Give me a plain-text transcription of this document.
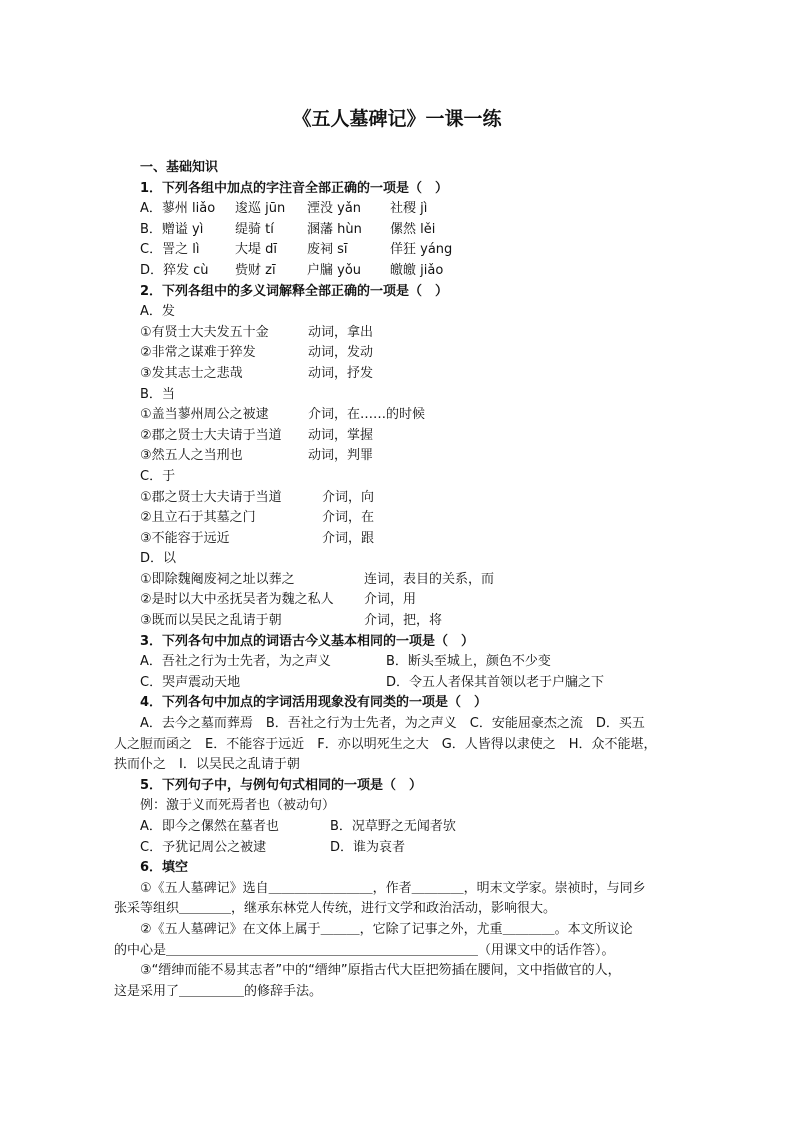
《五人墓碑记》一课一练
一、基础知识
1．下列各组中加点的字注音全部正确的一项是（　）
A．蓼州 liǎo 逡巡 jūn 湮没 yǎn 社稷 jì
B．赠谥 yì 缇骑 tí	溷藩 hùn 傫然 lěi
C．詈之 lì	大堤 dī 废祠 sī	佯狂 yáng
D．猝发 cù 赀财 zī 户牖 yǒu 皦皦 jiǎo
2．下列各组中的多义词解释全部正确的一项是（　）
A．发
①有贤士大夫发五十金	动词，拿出
②非常之谋难于猝发	动词，发动
③发其志士之悲哉	动词，抒发
B．当
①盖当蓼州周公之被逮	介词，在……的时候
②郡之贤士大夫请于当道 动词，掌握
③然五人之当刑也	动词，判罪
C．于
①郡之贤士大夫请于当道	介词，向
②且立石于其墓之门	介词，在
③不能容于远近	介词，跟
D．以
①即除魏阉废祠之址以葬之	连词，表目的关系，而
②是时以大中丞抚吴者为魏之私人 介词，用
③既而以吴民之乱请于朝	介词，把，将
3．下列各句中加点的词语古今义基本相同的一项是（　）
A．吾社之行为士先者，为之声义	B．断头至城上，颜色不少变
C．哭声震动天地	D．令五人者保其首领以老于户牖之下
4．下列各句中加点的字词活用现象没有同类的一项是（　）
A．去今之墓而葬焉　B．吾社之行为士先者，为之声义　C．安能屈豪杰之流　D．买五
人之脰而函之　E．不能容于远近　F．亦以明死生之大　G．人皆得以隶使之　H．众不能堪，
抶而仆之　I．以吴民之乱请于朝
5．下列句子中，与例句句式相同的一项是（　）
例：激于义而死焉者也（被动句）
A．即今之傫然在墓者也	B．况草野之无闻者欤
C．予犹记周公之被逮	D．谁为哀者
6．填空
①《五人墓碑记》选自＿＿＿＿＿＿＿＿，作者＿＿＿＿，明末文学家。崇祯时，与同乡
张采等组织＿＿＿＿，继承东林党人传统，进行文学和政治活动，影响很大。
②《五人墓碑记》在文体上属于＿＿＿，它除了记事之外，尤重＿＿＿＿。本文所议论
的中心是＿＿＿＿＿＿＿＿＿＿＿＿＿＿＿＿＿＿＿＿＿＿＿＿（用课文中的话作答）。
③“缙绅而能不易其志者”中的“缙绅”原指古代大臣把笏插在腰间，文中指做官的人，
这是采用了＿＿＿＿＿的修辞手法。
